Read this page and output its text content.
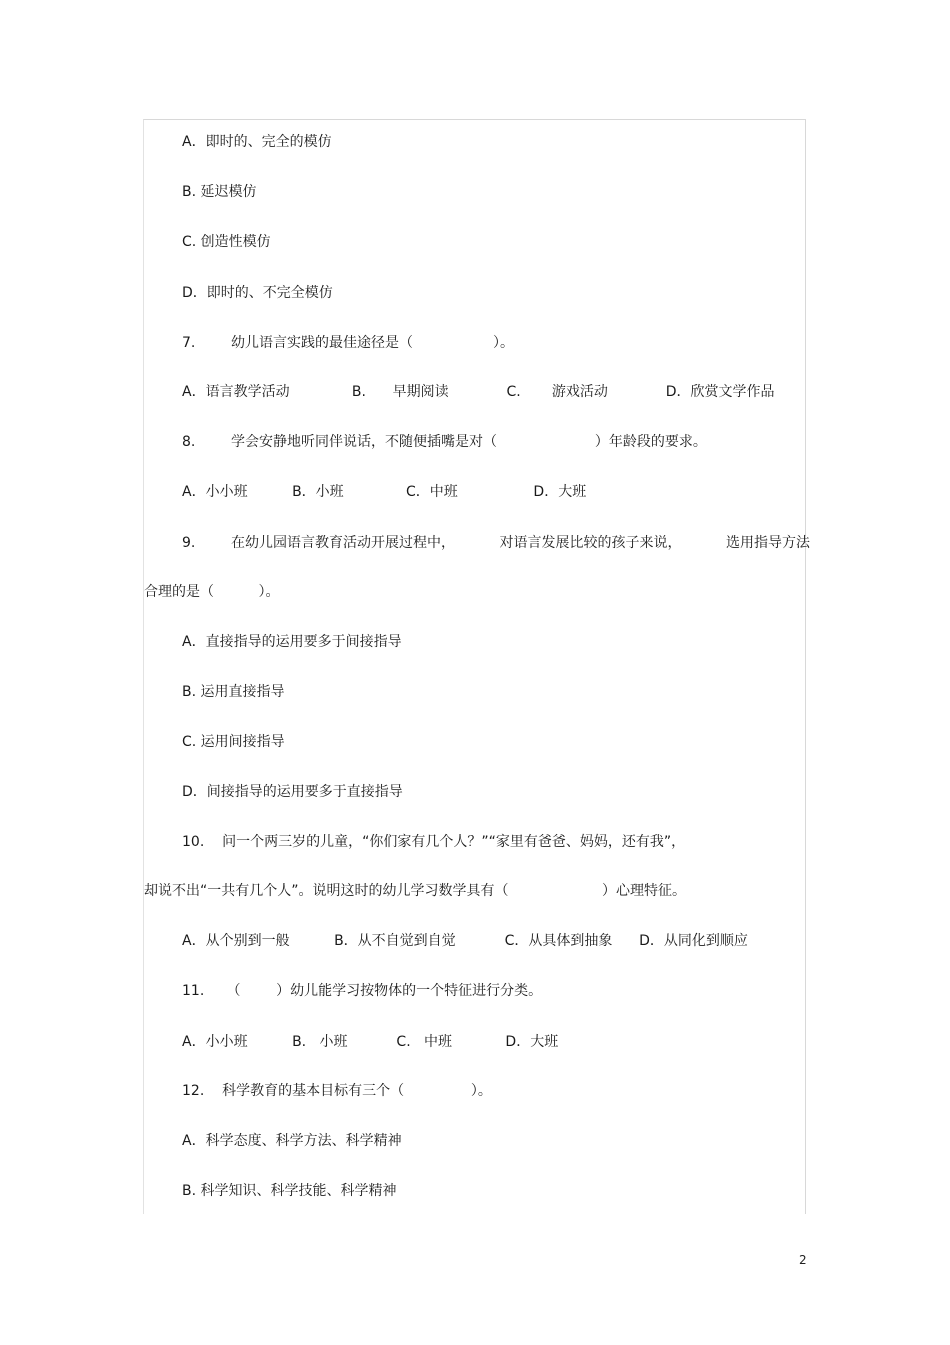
A．即时的、完全的模仿
B. 延迟模仿
C. 创造性模仿
D．即时的、不完全模仿
7.        幼儿语言实践的最佳途径是（                  ）。
A．语言教学活动              B.      早期阅读             C.       游戏活动             D．欣赏文学作品
8.        学会安静地听同伴说话，不随便插嘴是对（                      ）年龄段的要求。
A．小小班          B．小班              C．中班                 D．大班
9.        在幼儿园语言教育活动开展过程中，          对语言发展比较的孩子来说，          选用指导方法
合理的是（          ）。
A．直接指导的运用要多于间接指导
B. 运用直接指导
C. 运用间接指导
D．间接指导的运用要多于直接指导
10.    问一个两三岁的儿童，“你们家有几个人？”“家里有爸爸、妈妈，还有我”，
却说不出“一共有几个人”。说明这时的幼儿学习数学具有（                     ）心理特征。
A．从个别到一般          B．从不自觉到自觉           C．从具体到抽象      D．从同化到顺应
11.     （        ）幼儿能学习按物体的一个特征进行分类。
A．小小班          B.   小班           C.   中班            D．大班
12.    科学教育的基本目标有三个（               ）。
A．科学态度、科学方法、科学精神
B. 科学知识、科学技能、科学精神
2
